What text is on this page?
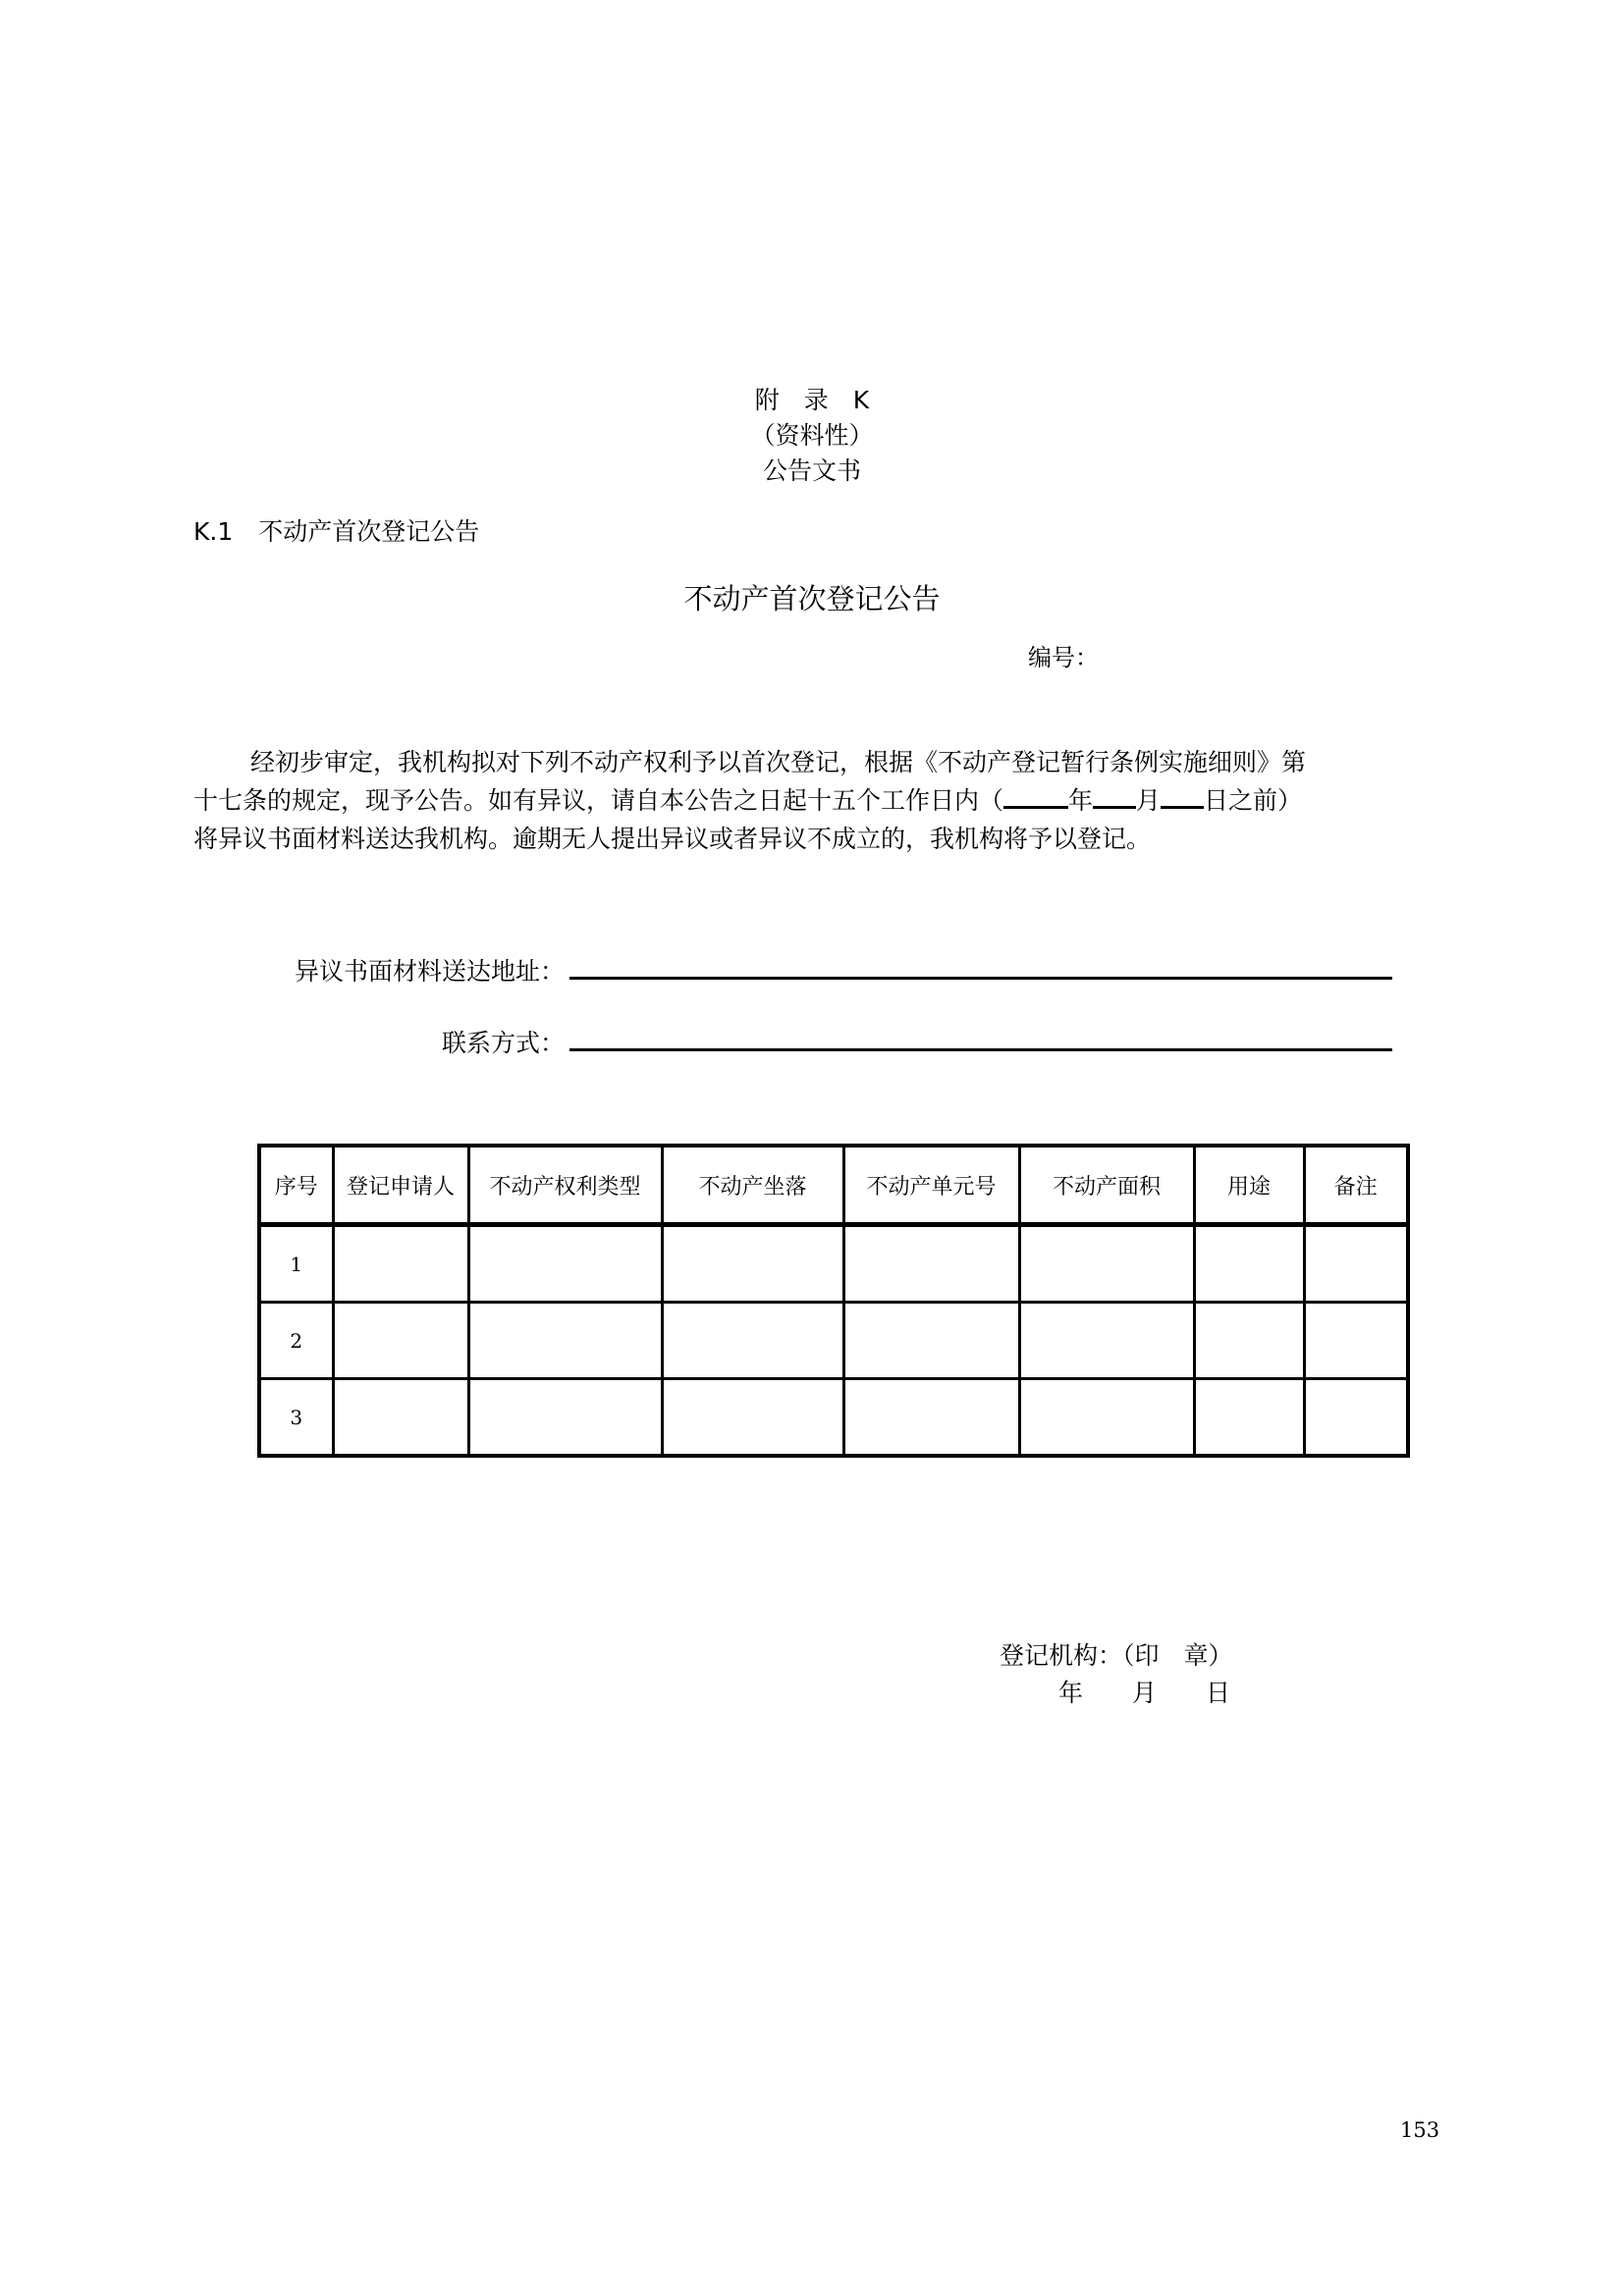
附　录　K
（资料性）
公告文书
K.1 不动产首次登记公告
不动产首次登记公告
编号：
经初步审定，我机构拟对下列不动产权利予以首次登记，根据《不动产登记暂行条例实施细则》第
十七条的规定，现予公告。如有异议，请自本公告之日起十五个工作日内（	年 月 日之前）
将异议书面材料送达我机构。逾期无人提出异议或者异议不成立的，我机构将予以登记。
异议书面材料送达地址：
联系方式：
序号	登记申请人	不动产权利类型	不动产坐落	不动产单元号	不动产面积	用途	备注
1							
2							
3							
登记机构：（印　章）
年　　月　　日
153
